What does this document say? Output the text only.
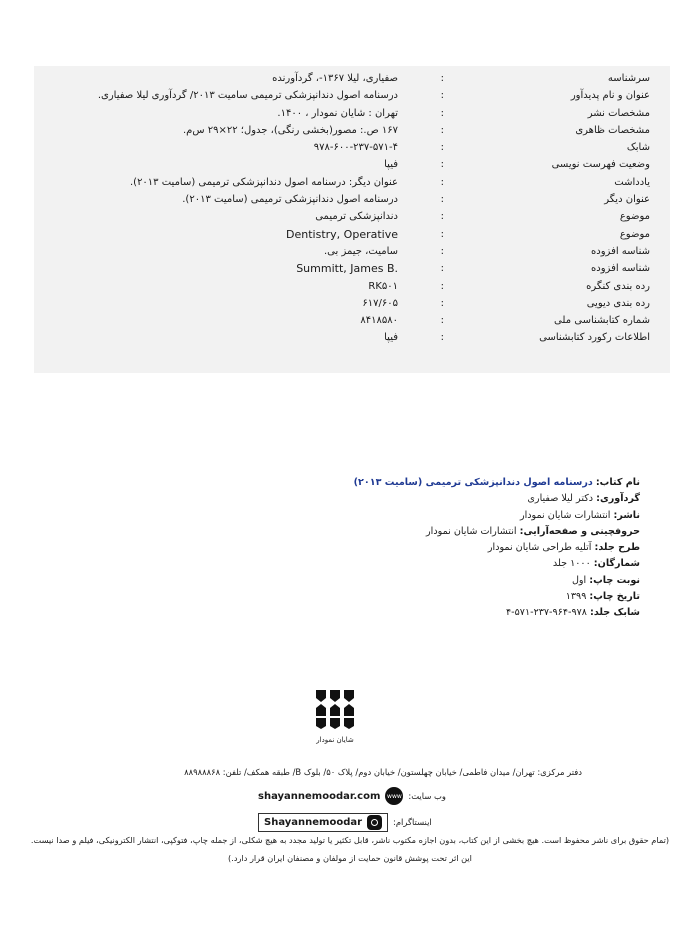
سرشناسه
:
صفیاری، لیلا ۱۳۶۷-، گردآورنده
عنوان و نام پدیدآور
:
درسنامه اصول دندانپزشکی ترمیمی سامیت ۲۰۱۳/ گردآوری لیلا صفیاری.
مشخصات نشر
:
تهران : شایان نمودار ، ۱۴۰۰.
مشخصات ظاهری
:
۱۶۷ ص.: مصور(بخشی رنگی)، جدول؛ ۲۲×۲۹ س‌م.
شابک
:
۹۷۸-۶۰۰-۲۳۷-۵۷۱-۴
وضعیت فهرست نویسی
:
فیپا
یادداشت
:
عنوان دیگر: درسنامه اصول دندانپزشکی ترمیمی (سامیت ۲۰۱۳).
عنوان دیگر
:
درسنامه اصول دندانپزشکی ترمیمی (سامیت ۲۰۱۳).
موضوع
:
دندانپزشکی ترمیمی
موضوع
:
Dentistry, Operative
شناسه افزوده
:
سامیت، جیمز بی.
شناسه افزوده
:
Summitt, James B.
رده بندی کنگره
:
RK۵۰۱
رده بندی دیویی
:
۶۱۷/۶۰۵
شماره کتابشناسی ملی
:
۸۴۱۸۵۸۰
اطلاعات رکورد کتابشناسی
:
فیپا
نام کتاب: درسنامه اصول دندانپزشکی ترمیمی (سامیت ۲۰۱۳)
گردآوری: دکتر لیلا صفیاری
ناشر: انتشارات شایان نمودار
حروفچینی و صفحه‌آرایی: انتشارات شایان نمودار
طرح جلد: آتلیه طراحی شایان نمودار
شمارگان: ۱۰۰۰ جلد
نوبت چاپ: اول
تاریخ چاپ: ۱۳۹۹
شابک جلد: ۹۷۸-۹۶۴-۲۳۷-۵۷۱-۴
شایان نمودار
دفتر مرکزی: تهران/ میدان فاطمی/ خیابان چهلستون/ خیابان دوم/ پلاک ۵۰/ بلوک B/ طبقه همکف/ تلفن: ۸۸۹۸۸۸۶۸
وب سایت:
www
shayannemoodar.com
اینستاگرام:
Shayannemoodar
(تمام حقوق برای ناشر محفوظ است. هیچ بخشی از این کتاب، بدون اجازه مکتوب ناشر، قابل تکثیر یا تولید مجدد به هیچ شکلی، از جمله چاپ، فتوکپی، انتشار الکترونیکی، فیلم و صدا نیست.
این اثر تحت پوشش قانون حمایت از مولفان و مصنفان ایران قرار دارد.)
